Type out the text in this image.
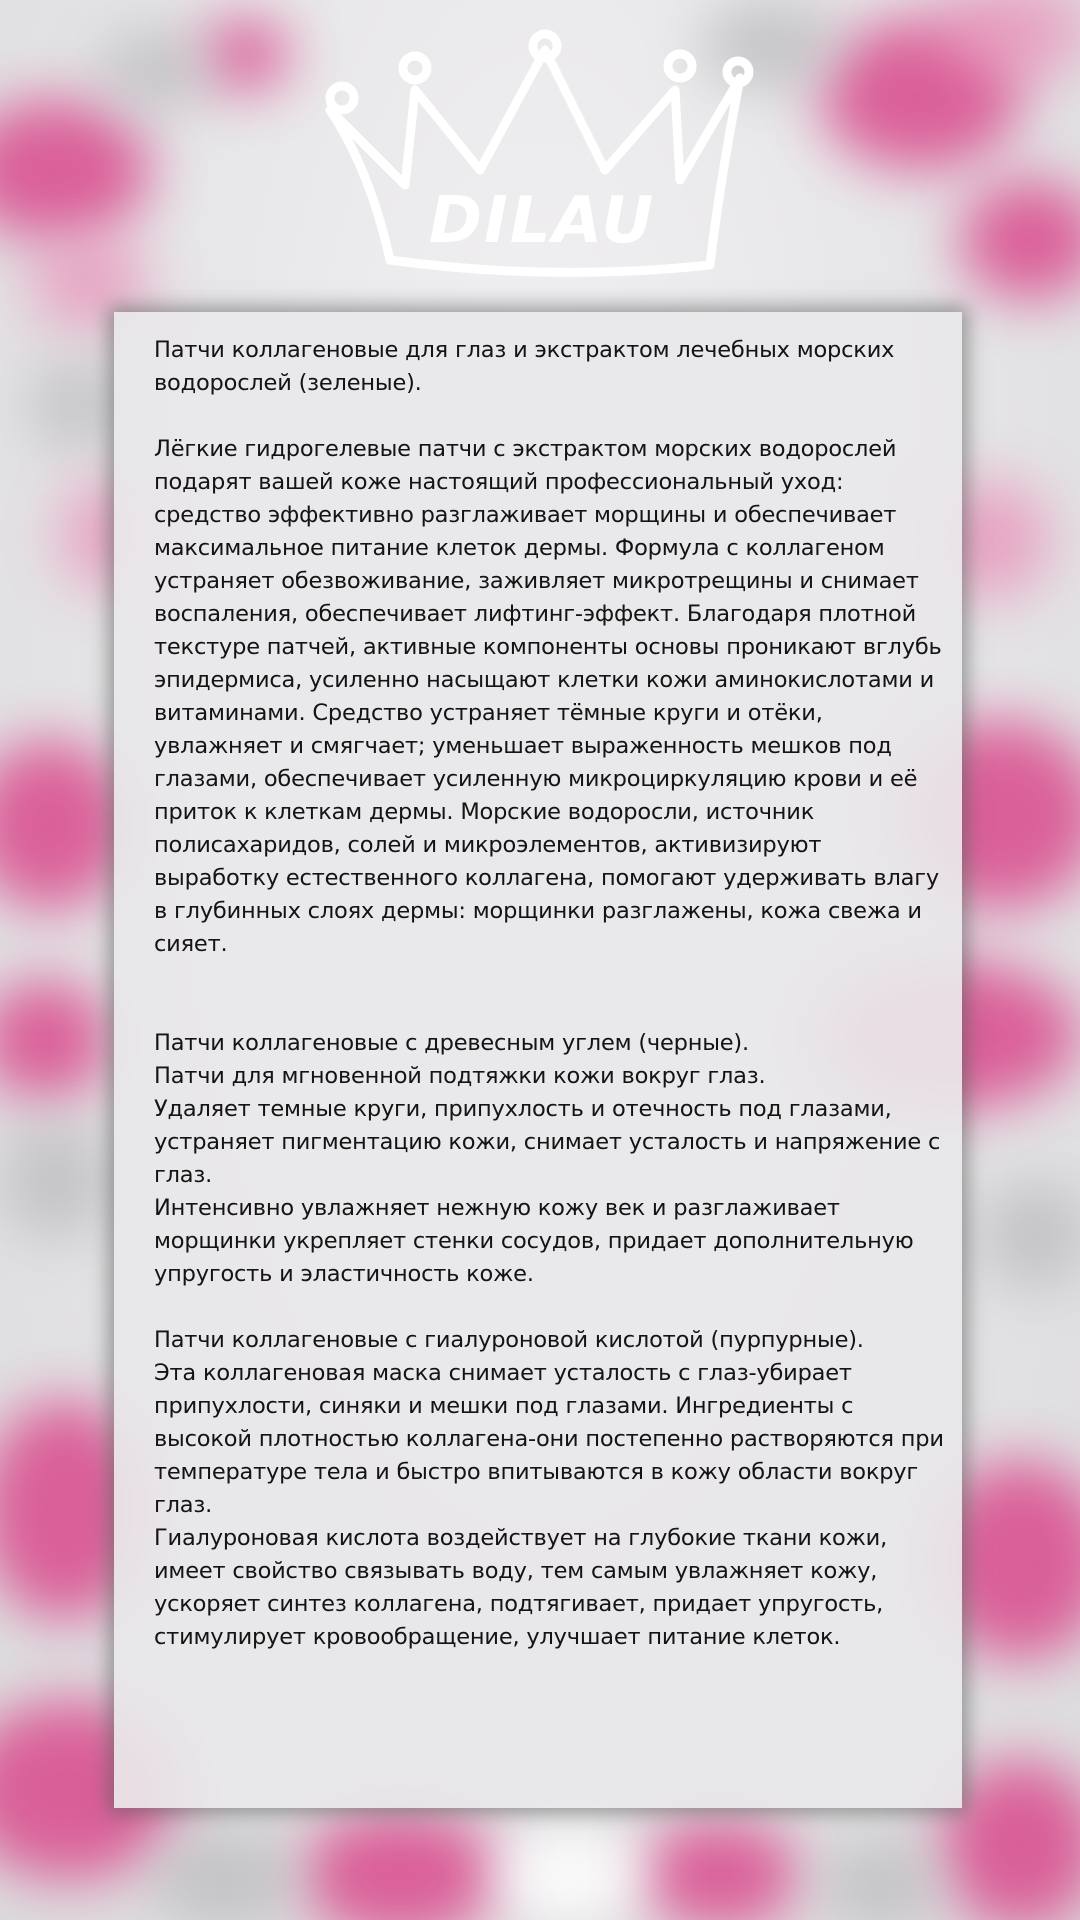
DILAU

Патчи коллагеновые для глаз и экстрактом лечебных морских водорослей (зеленые).

Лёгкие гидрогелевые патчи с экстрактом морских водорослей подарят вашей коже настоящий профессиональный уход: средство эффективно разглаживает морщины и обеспечивает максимальное питание клеток дермы. Формула с коллагеном устраняет обезвоживание, заживляет микротрещины и снимает воспаления, обеспечивает лифтинг-эффект. Благодаря плотной текстуре патчей, активные компоненты основы проникают вглубь эпидермиса, усиленно насыщают клетки кожи аминокислотами и витаминами. Средство устраняет тёмные круги и отёки, увлажняет и смягчает; уменьшает выраженность мешков под глазами, обеспечивает усиленную микроциркуляцию крови и её приток к клеткам дермы. Морские водоросли, источник полисахаридов, солей и микроэлементов, активизируют выработку естественного коллагена, помогают удерживать влагу в глубинных слоях дермы: морщинки разглажены, кожа свежа и сияет.

Патчи коллагеновые с древесным углем (черные).

Патчи для мгновенной подтяжки кожи вокруг глаз.

Удаляет темные круги, припухлость и отечность под глазами, устраняет пигментацию кожи, снимает усталость и напряжение с глаз.

Интенсивно увлажняет нежную кожу век и разглаживает морщинки укрепляет стенки сосудов, придает дополнительную упругость и эластичность коже.

Патчи коллагеновые с гиалуроновой кислотой (пурпурные).

Эта коллагеновая маска снимает усталость с глаз-убирает припухлости, синяки и мешки под глазами. Ингредиенты с высокой плотностью коллагена-они постепенно растворяются при температуре тела и быстро впитываются в кожу области вокруг глаз.

Гиалуроновая кислота воздействует на глубокие ткани кожи, имеет свойство связывать воду, тем самым увлажняет кожу, ускоряет синтез коллагена, подтягивает, придает упругость, стимулирует кровообращение, улучшает питание клеток.
